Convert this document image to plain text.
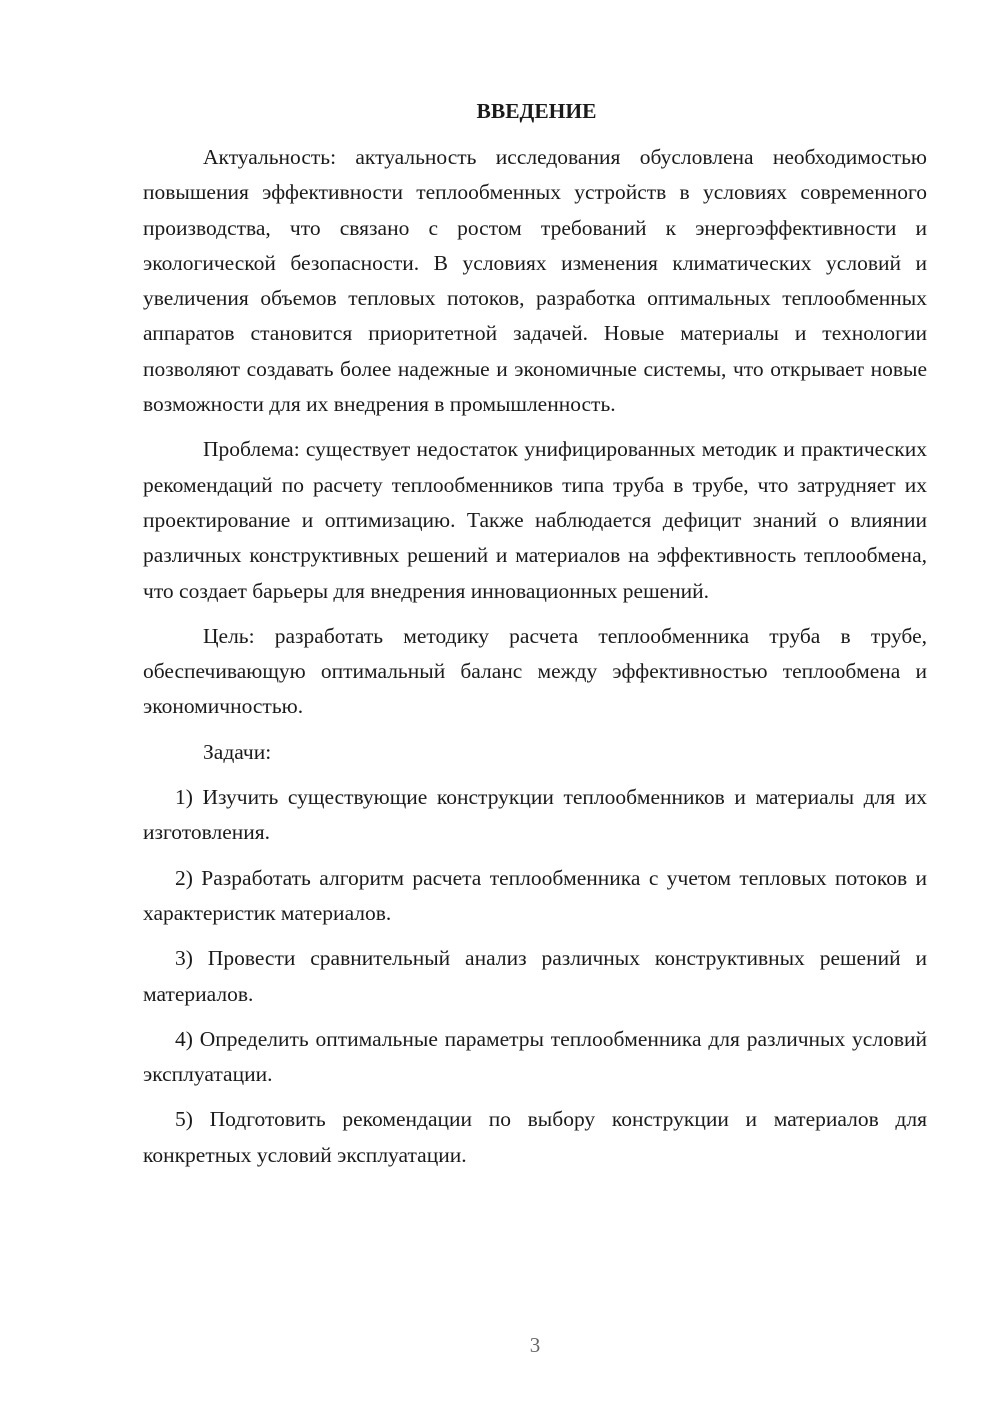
ВВЕДЕНИЕ

Актуальность: актуальность исследования обусловлена необходимостью повышения эффективности теплообменных устройств в условиях современного производства, что связано с ростом требований к энергоэффективности и экологической безопасности. В условиях изменения климатических условий и увеличения объемов тепловых потоков, разработка оптимальных теплообменных аппаратов становится приоритетной задачей. Новые материалы и технологии позволяют создавать более надежные и экономичные системы, что открывает новые возможности для их внедрения в промышленность.

Проблема: существует недостаток унифицированных методик и практических рекомендаций по расчету теплообменников типа труба в трубе, что затрудняет их проектирование и оптимизацию. Также наблюдается дефицит знаний о влиянии различных конструктивных решений и материалов на эффективность теплообмена, что создает барьеры для внедрения инновационных решений.

Цель: разработать методику расчета теплообменника труба в трубе, обеспечивающую оптимальный баланс между эффективностью теплообмена и экономичностью.

Задачи:

1) Изучить существующие конструкции теплообменников и материалы для их изготовления.

2) Разработать алгоритм расчета теплообменника с учетом тепловых потоков и характеристик материалов.

3) Провести сравнительный анализ различных конструктивных решений и материалов.

4) Определить оптимальные параметры теплообменника для различных условий эксплуатации.

5) Подготовить рекомендации по выбору конструкции и материалов для конкретных условий эксплуатации.

3
